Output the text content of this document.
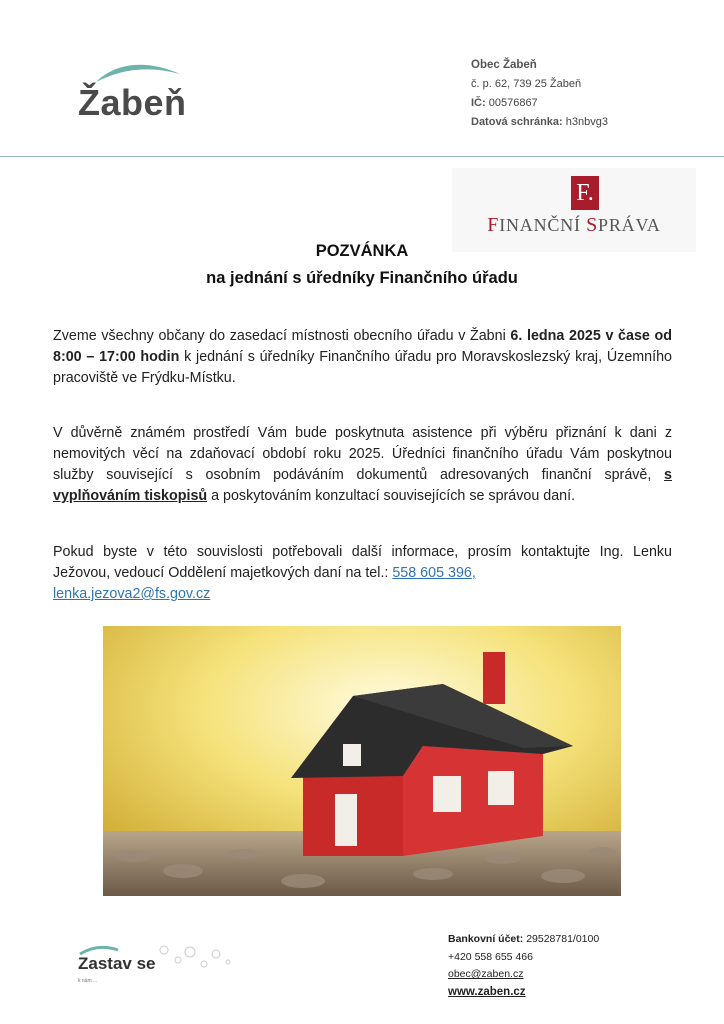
Žabeň
Obec Žabeň
č. p. 62, 739 25 Žabeň
IČ: 00576867
Datová schránka: h3nbvg3
F.
FINANČNÍ SPRÁVA
POZVÁNKA
na jednání s úředníky Finančního úřadu
Zveme všechny občany do zasedací místnosti obecního úřadu v Žabni 6. ledna 2025 v čase od 8:00 – 17:00 hodin k jednání s úředníky Finančního úřadu pro Moravskoslezský kraj, Územního pracoviště ve Frýdku-Místku.
V důvěrně známém prostředí Vám bude poskytnuta asistence při výběru přiznání k dani z nemovitých věcí na zdaňovací období roku 2025. Úředníci finančního úřadu Vám poskytnou služby související s osobním podáváním dokumentů adresovaných finanční správě, s vyplňováním tiskopisů a poskytováním konzultací souvisejících se správou daní.
Pokud byste v této souvislosti potřebovali další informace, prosím kontaktujte Ing. Lenku Ježovou, vedoucí Oddělení majetkových daní na tel.: 558 605 396,
lenka.jezova2@fs.gov.cz
Zastav se
k nám ...
Bankovní účet: 29528781/0100
+420 558 655 466
obec@zaben.cz
www.zaben.cz
